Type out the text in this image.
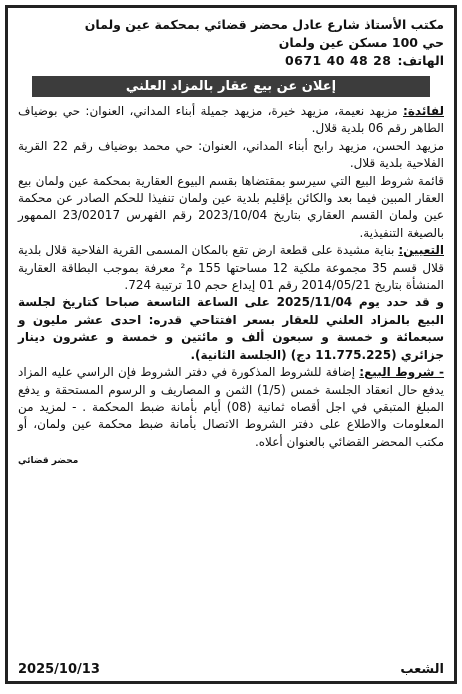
مكتب الأستاذ شارع عادل محضر قضائي بمحكمة عين ولمان
حي 100 مسكن عين ولمان
الهاتف:
0671 40 48 28
إعلان عن بيع عقار بالمزاد العلني

لفائدة: مزيهد نعيمة، مزيهد خيرة، مزيهد جميلة أبناء المداني، العنوان: حي بوضياف الطاهر رقم 06 بلدية قلال.

مزيهد الحسن، مزيهد رابح أبناء المداني، العنوان: حي محمد بوضياف رقم 22 القرية الفلاحية بلدية قلال.

قائمة شروط البيع التي سيرسو بمقتضاها بقسم البيوع العقارية بمحكمة عين ولمان بيع العقار المبين فيما بعد والكائن بإقليم بلدية عين ولمان تنفيذا للحكم الصادر عن محكمة عين ولمان القسم العقاري بتاريخ 2023/10/04 رقم الفهرس 23/02017 الممهور بالصيغة التنفيذية.

التعيين: بناية مشيدة على قطعة ارض تقع بالمكان المسمى القرية الفلاحية قلال بلدية قلال قسم 35 مجموعة ملكية 12 مساحتها 155 م² معرفة بموجب البطاقة العقارية المنشأة بتاريخ 2014/05/21 رقم 01 إيداع حجم 10 ترتيبة 724.

و قد حدد يوم 2025/11/04 على الساعة التاسعة صباحا كتاريخ لجلسة البيع بالمزاد العلني للعقار بسعر افتتاحي قدره: احدى عشر مليون و سبعمائة و خمسة و سبعون ألف و مائتين و خمسة و عشرون دينار جزائري (11.775.225 دج) (الجلسة الثانية).

- شروط البيع: إضافة للشروط المذكورة في دفتر الشروط فإن الراسي عليه المزاد يدفع حال انعقاد الجلسة خمس (1/5) الثمن و المصاريف و الرسوم المستحقة و يدفع المبلغ المتبقي في اجل أقصاه ثمانية (08) أيام بأمانة ضبط المحكمة . - لمزيد من المعلومات والاطلاع على دفتر الشروط الاتصال بأمانة ضبط محكمة عين ولمان، أو مكتب المحضر القضائي بالعنوان أعلاه.

محضر قضائي
الشعب
2025/10/13
